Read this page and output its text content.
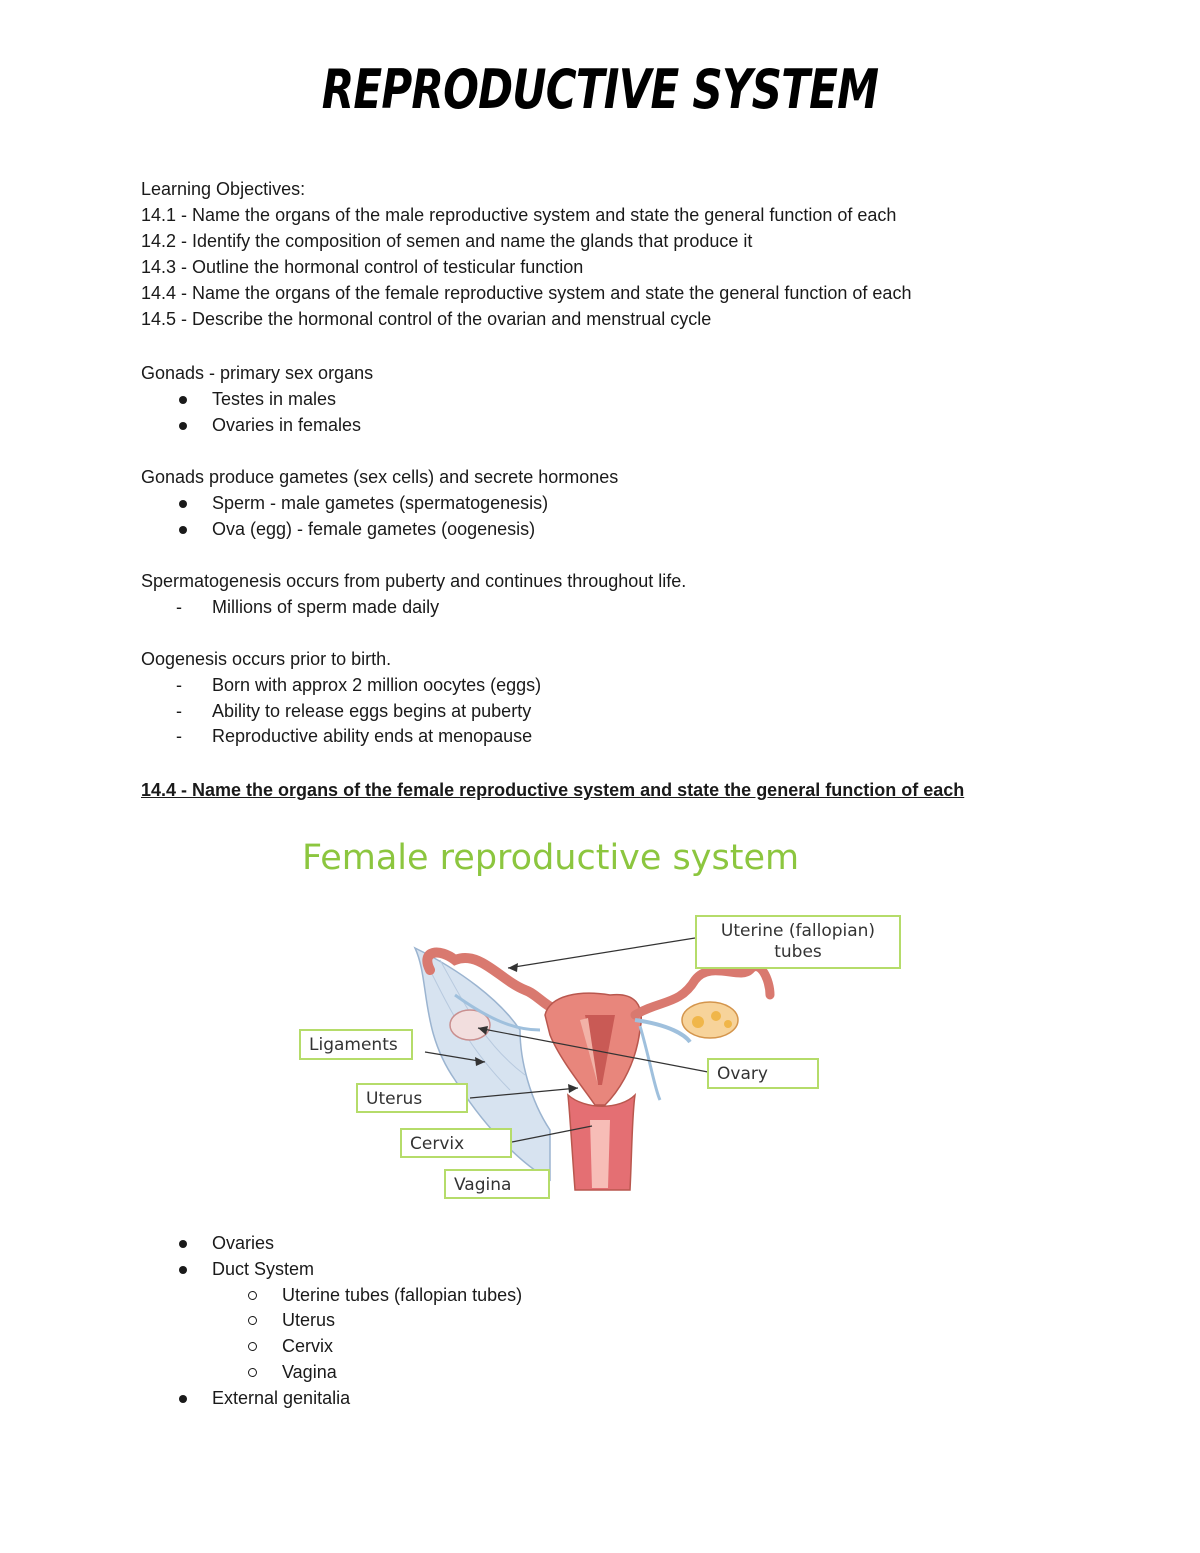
REPRODUCTIVE SYSTEM
Learning Objectives:
14.1 - Name the organs of the male reproductive system and state the general function of each
14.2 - Identify the composition of semen and name the glands that produce it
14.3 - Outline the hormonal control of testicular function
14.4 - Name the organs of the female reproductive system and state the general function of each
14.5 - Describe the hormonal control of the ovarian and menstrual cycle
Gonads - primary sex organs
Testes in males
Ovaries in females
Gonads produce gametes (sex cells) and secrete hormones
Sperm - male gametes (spermatogenesis)
Ova (egg) - female gametes (oogenesis)
Spermatogenesis occurs from puberty and continues throughout life.
- Millions of sperm made daily
Oogenesis occurs prior to birth.
- Born with approx 2 million oocytes (eggs)
- Ability to release eggs begins at puberty
- Reproductive ability ends at menopause
14.4 - Name the organs of the female reproductive system and state the general function of each
Female reproductive system
Uterine (fallopian)
tubes
Ligaments
Ovary
Uterus
Cervix
Vagina
Ovaries
Duct System
Uterine tubes (fallopian tubes)
Uterus
Cervix
Vagina
External genitalia
